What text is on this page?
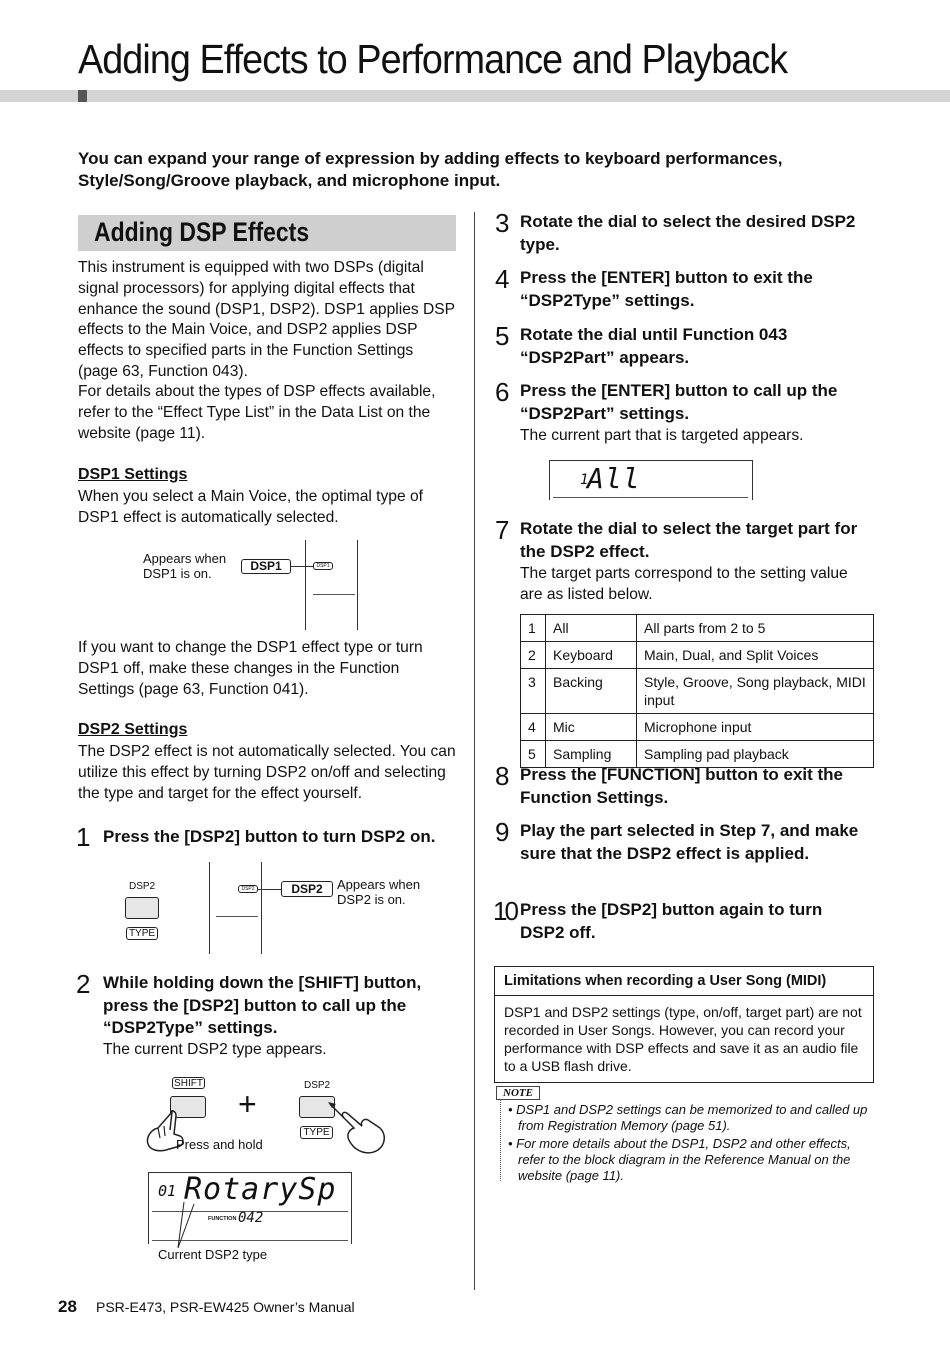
Adding Effects to Performance and Playback

You can expand your range of expression by adding effects to keyboard performances, Style/Song/Groove playback, and microphone input.

Adding DSP Effects

This instrument is equipped with two DSPs (digital signal processors) for applying digital effects that enhance the sound (DSP1, DSP2). DSP1 applies DSP effects to the Main Voice, and DSP2 applies DSP effects to specified parts in the Function Settings (page 63, Function 043).

For details about the types of DSP effects available, refer to the “Effect Type List” in the Data List on the website (page 11).

DSP1 Settings

When you select a Main Voice, the optimal type of DSP1 effect is automatically selected.

Appears when DSP1 is on.	DSP1	DSP1

If you want to change the DSP1 effect type or turn DSP1 off, make these changes in the Function Settings (page 63, Function 041).

DSP2 Settings

The DSP2 effect is not automatically selected. You can utilize this effect by turning DSP2 on/off and selecting the type and target for the effect yourself.

1 Press the [DSP2] button to turn DSP2 on.
DSP2
TYPE
DSP2	DSP2	Appears when DSP2 is on.
2 While holding down the [SHIFT] button, press the [DSP2] button to call up the “DSP2Type” settings.
The current DSP2 type appears.
SHIFT
+
DSP2
TYPE
Press and hold
01 RotarySp
FUNCTION 042
Current DSP2 type
3 Rotate the dial to select the desired DSP2 type.
4 Press the [ENTER] button to exit the “DSP2Type” settings.
5 Rotate the dial until Function 043 “DSP2Part” appears.
6 Press the [ENTER] button to call up the “DSP2Part” settings.
The current part that is targeted appears.
1
All
7 Rotate the dial to select the target part for the DSP2 effect.
The target parts correspond to the setting value are as listed below.
1	All	All parts from 2 to 5
2	Keyboard	Main, Dual, and Split Voices
3	Backing	Style, Groove, Song playback, MIDI input
4	Mic	Microphone input
5	Sampling	Sampling pad playback
8 Press the [FUNCTION] button to exit the Function Settings.
9 Play the part selected in Step 7, and make sure that the DSP2 effect is applied.
10 Press the [DSP2] button again to turn DSP2 off.
Limitations when recording a User Song (MIDI)
DSP1 and DSP2 settings (type, on/off, target part) are not recorded in User Songs. However, you can record your performance with DSP effects and save it as an audio file to a USB flash drive.
NOTE
• DSP1 and DSP2 settings can be memorized to and called up from Registration Memory (page 51).
• For more details about the DSP1, DSP2 and other effects, refer to the block diagram in the Reference Manual on the website (page 11).
28 PSR-E473, PSR-EW425 Owner’s Manual
